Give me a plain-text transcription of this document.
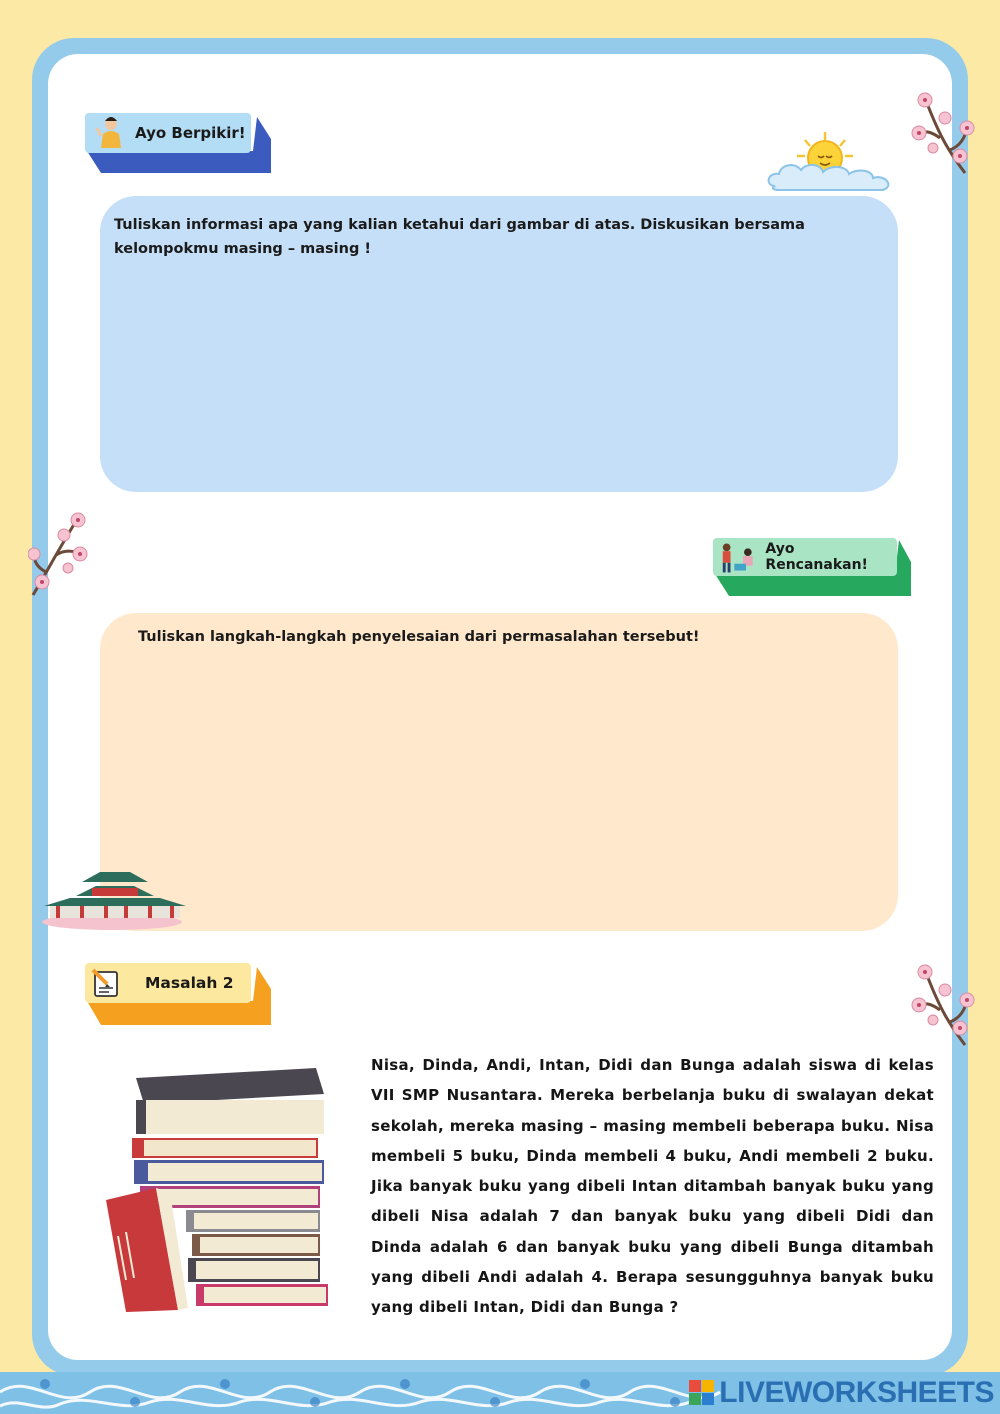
Ayo Berpikir!
Tuliskan informasi apa yang kalian ketahui dari gambar di atas. Diskusikan bersama kelompokmu masing – masing !
Ayo Rencanakan!
Tuliskan langkah-langkah penyelesaian dari permasalahan tersebut!
Masalah 2
Nisa, Dinda, Andi, Intan, Didi dan Bunga adalah siswa di kelas VII SMP Nusantara. Mereka berbelanja buku di swalayan dekat sekolah, mereka masing – masing membeli beberapa buku. Nisa membeli 5 buku, Dinda membeli 4 buku, Andi membeli 2 buku. Jika banyak buku yang dibeli Intan ditambah banyak buku yang dibeli Nisa adalah 7 dan banyak buku yang dibeli Didi dan Dinda adalah 6 dan banyak buku yang dibeli Bunga ditambah yang dibeli Andi adalah 4. Berapa sesungguhnya banyak buku yang dibeli Intan, Didi dan Bunga ?
LIVEWORKSHEETS
